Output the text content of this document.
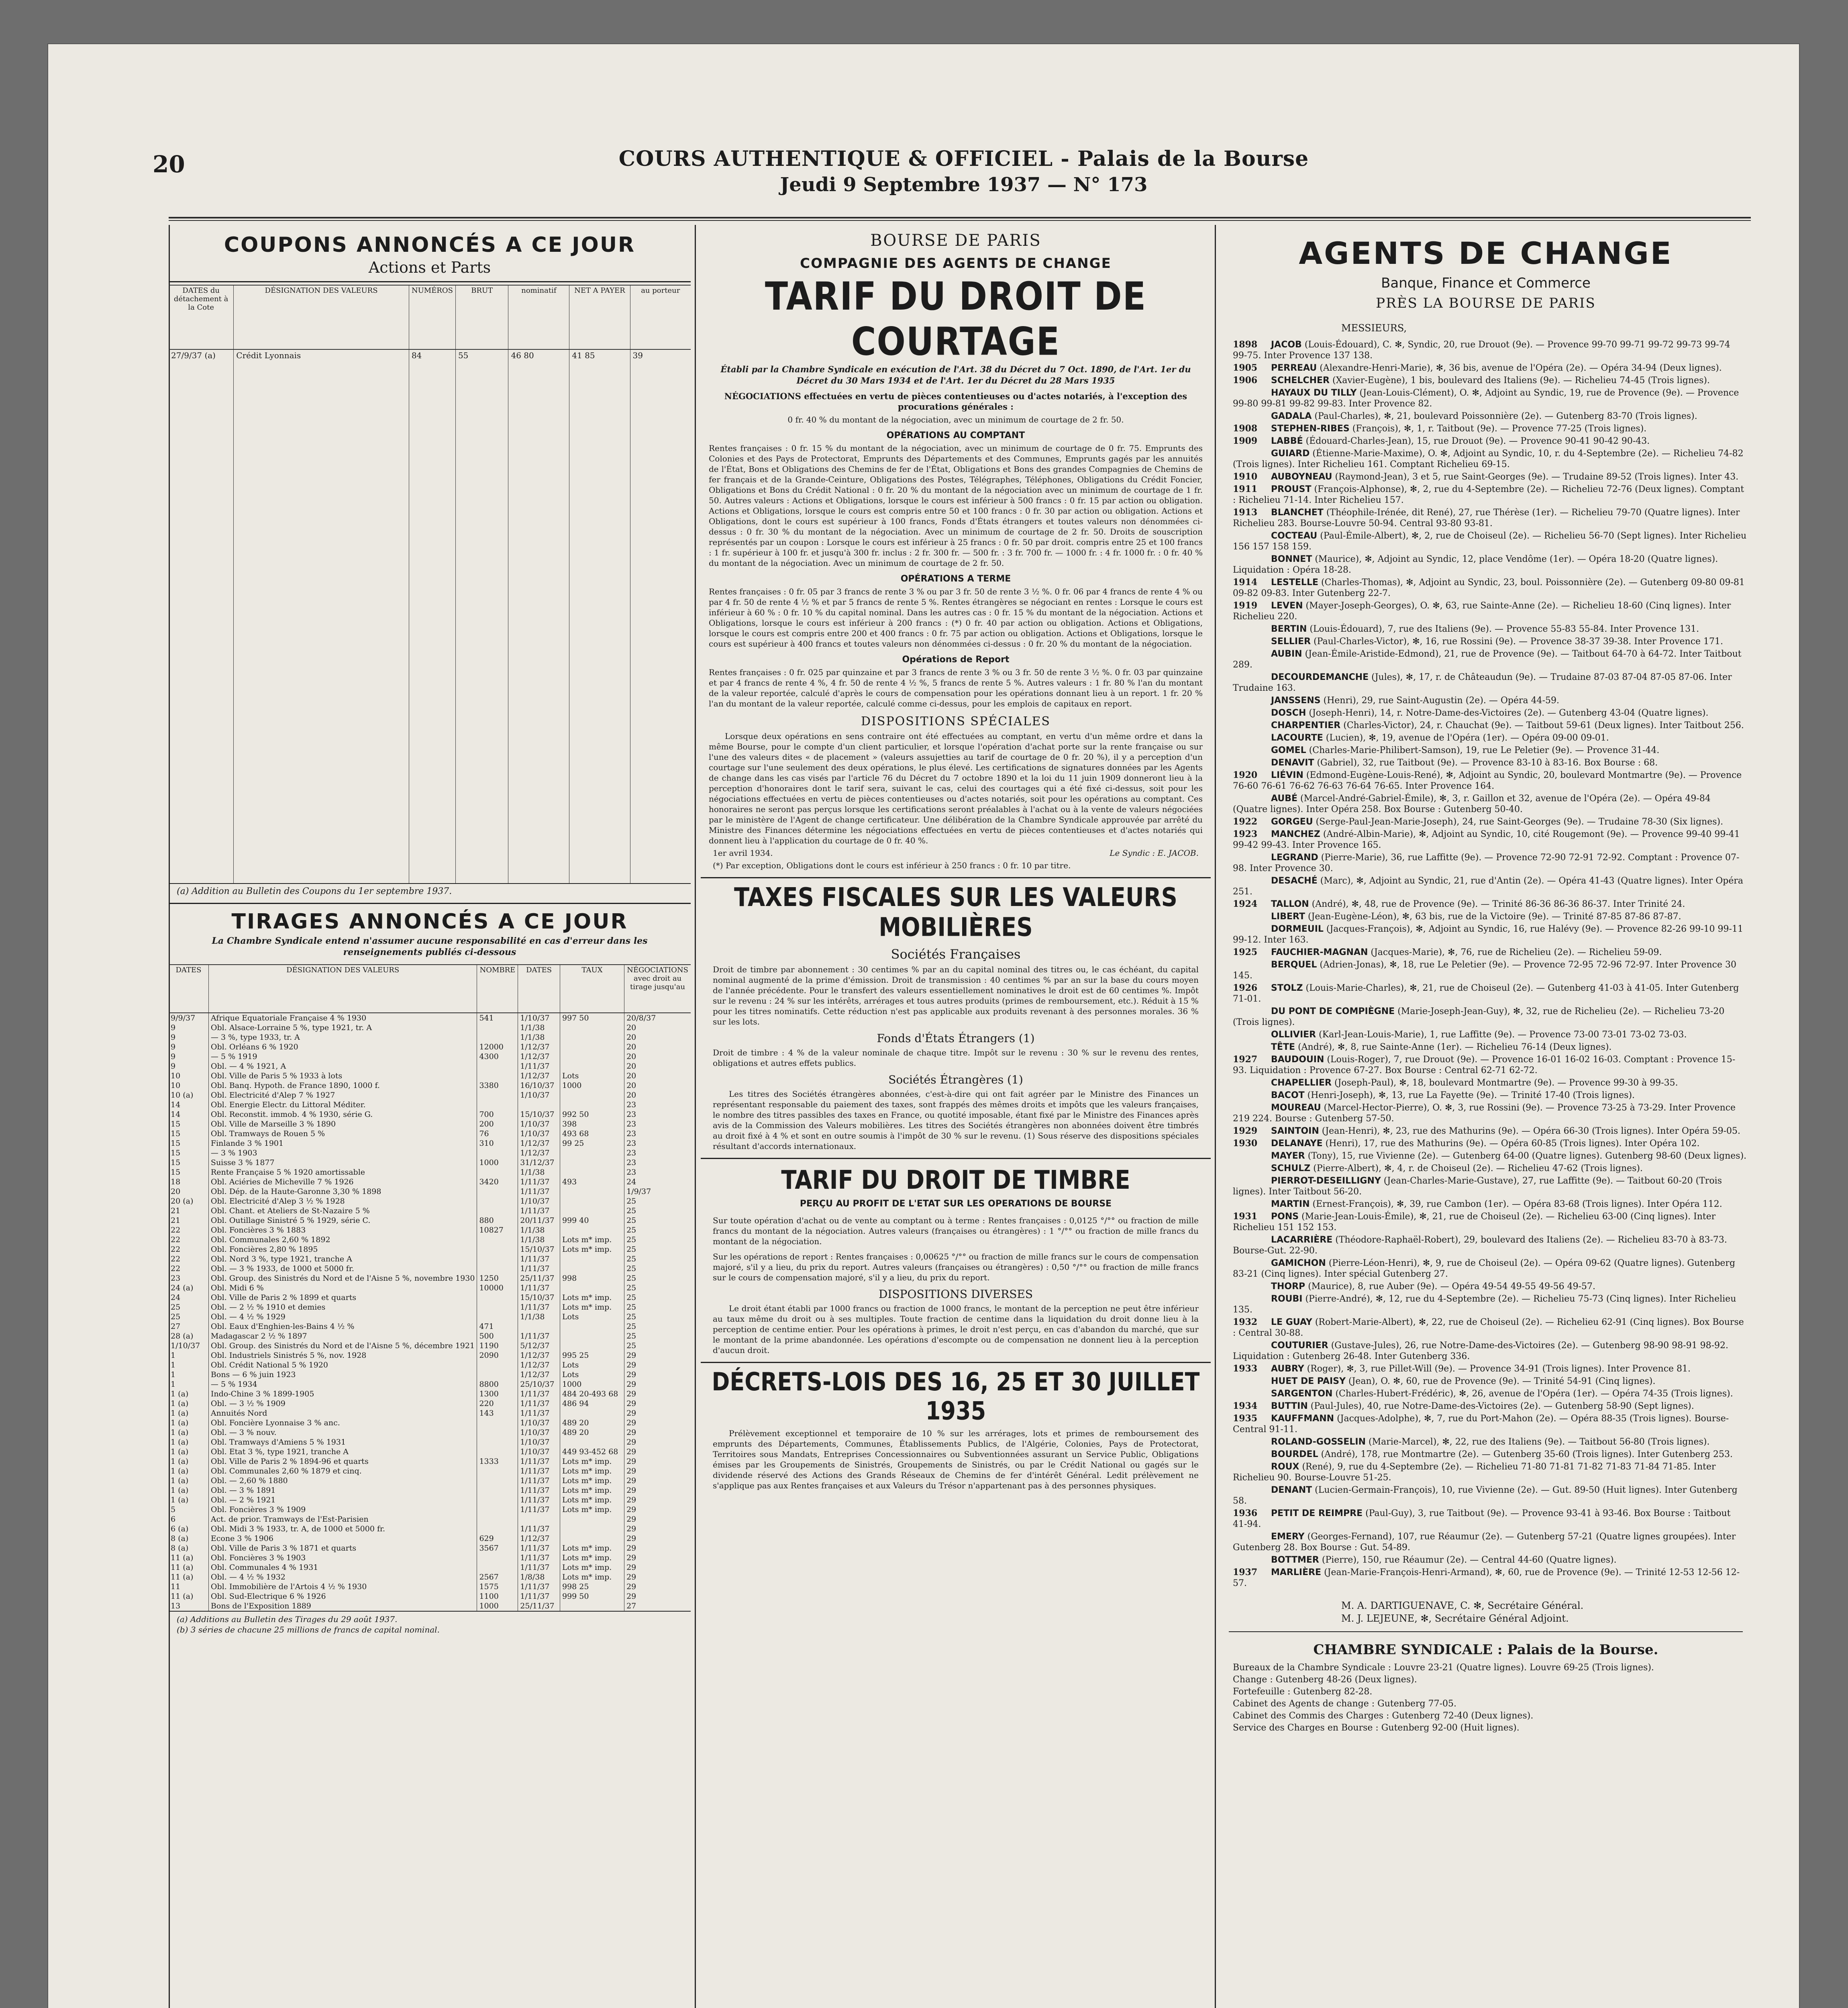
20	COURS AUTHENTIQUE & OFFICIEL - Palais de la Bourse
Jeudi 9 Septembre 1937 — N° 173
COUPONS ANNONCÉS A CE JOUR
Actions et Parts
DATES du détachement à la Cote	DÉSIGNATION DES VALEURS	NUMÉROS	BRUT	nominatif	NET A PAYER	au porteur
27/9/37 (a)	Crédit Lyonnais	84	55	46 80	41 85	39

(a) Addition au Bulletin des Coupons du 1er septembre 1937.
TIRAGES ANNONCÉS A CE JOUR
La Chambre Syndicale entend n'assumer aucune responsabilité en cas d'erreur dans les renseignements publiés ci-dessous
DATES	DÉSIGNATION DES VALEURS	NOMBRE	DATES	TAUX	NÉGOCIATIONS avec droit au tirage jusqu'au
9/9/37	Afrique Equatoriale Française 4 % 1930	541	1/10/37	997 50	20/8/37
9	Obl. Alsace-Lorraine 5 %, type 1921, tr. A		1/1/38		20
9	— 3 %, type 1933, tr. A		1/1/38		20
9	Obl. Orléans 6 % 1920	12000	1/12/37		20
9	— 5 % 1919	4300	1/12/37		20
9	Obl. — 4 % 1921, A		1/11/37		20
10	Obl. Ville de Paris 5 % 1933 à lots		1/12/37	Lots	20
10	Obl. Banq. Hypoth. de France 1890, 1000 f.	3380	16/10/37	1000	20
10 (a)	Obl. Electricité d'Alep 7 % 1927		1/10/37		20
14	Obl. Energie Electr. du Littoral Méditer.				23
14	Obl. Reconstit. immob. 4 % 1930, série G.	700	15/10/37	992 50	23
15	Obl. Ville de Marseille 3 % 1890	200	1/10/37	398	23
15	Obl. Tramways de Rouen 5 %	76	1/10/37	493 68	23
15	Finlande 3 % 1901	310	1/12/37	99 25	23
15	— 3 % 1903		1/12/37		23
15	Suisse 3 % 1877	1000	31/12/37		23
15	Rente Française 5 % 1920 amortissable		1/1/38		23
18	Obl. Aciéries de Micheville 7 % 1926	3420	1/11/37	493	24
20	Obl. Dép. de la Haute-Garonne 3,30 % 1898		1/11/37		1/9/37
20 (a)	Obl. Electricité d'Alep 3 ½ % 1928		1/10/37		25
21	Obl. Chant. et Ateliers de St-Nazaire 5 %		1/11/37		25
21	Obl. Outillage Sinistré 5 % 1929, série C.	880	20/11/37	999 40	25
22	Obl. Foncières 3 % 1883	10827	1/1/38		25
22	Obl. Communales 2,60 % 1892		1/1/38	Lots m* imp.	25
22	Obl. Foncières 2,80 % 1895		15/10/37	Lots m* imp.	25
22	Obl. Nord 3 %, type 1921, tranche A		1/11/37		25
22	Obl. — 3 % 1933, de 1000 et 5000 fr.		1/11/37		25
23	Obl. Group. des Sinistrés du Nord et de l'Aisne 5 %, novembre 1930	1250	25/11/37	998	25
24 (a)	Obl. Midi 6 %	10000	1/11/37		25
24	Obl. Ville de Paris 2 % 1899 et quarts		15/10/37	Lots m* imp.	25
25	Obl. — 2 ½ % 1910 et demies		1/11/37	Lots m* imp.	25
25	Obl. — 4 ½ % 1929		1/1/38	Lots	25
27	Obl. Eaux d'Enghien-les-Bains 4 ½ %	471			25
28 (a)	Madagascar 2 ½ % 1897	500	1/11/37		25
1/10/37	Obl. Group. des Sinistrés du Nord et de l'Aisne 5 %, décembre 1921	1190	5/12/37		25
1	Obl. Industriels Sinistrés 5 %, nov. 1928	2090	1/12/37	995 25	29
1	Obl. Crédit National 5 % 1920		1/12/37	Lots	29
1	Bons — 6 % juin 1923		1/12/37	Lots	29
1	— 5 % 1934	8800	25/10/37	1000	29
1 (a)	Indo-Chine 3 % 1899-1905	1300	1/11/37	484 20-493 68	29
1 (a)	Obl. — 3 ½ % 1909	220	1/11/37	486 94	29
1 (a)	Annuités Nord	143	1/11/37		29
1 (a)	Obl. Foncière Lyonnaise 3 % anc.		1/10/37	489 20	29
1 (a)	Obl. — 3 % nouv.		1/10/37	489 20	29
1 (a)	Obl. Tramways d'Amiens 5 % 1931		1/10/37		29
1 (a)	Obl. Etat 3 %, type 1921, tranche A		1/10/37	449 93-452 68	29
1 (a)	Obl. Ville de Paris 2 % 1894-96 et quarts	1333	1/11/37	Lots m* imp.	29
1 (a)	Obl. Communales 2,60 % 1879 et cinq.		1/11/37	Lots m* imp.	29
1 (a)	Obl. — 2,60 % 1880		1/11/37	Lots m* imp.	29
1 (a)	Obl. — 3 % 1891		1/11/37	Lots m* imp.	29
1 (a)	Obl. — 2 % 1921		1/11/37	Lots m* imp.	29
5	Obl. Foncières 3 % 1909		1/11/37	Lots m* imp.	29
6	Act. de prior. Tramways de l'Est-Parisien				29
6 (a)	Obl. Midi 3 % 1933, tr. A, de 1000 et 5000 fr.		1/11/37		29
8 (a)	Econe 3 % 1906	629	1/12/37		29
8 (a)	Obl. Ville de Paris 3 % 1871 et quarts	3567	1/11/37	Lots m* imp.	29
11 (a)	Obl. Foncières 3 % 1903		1/11/37	Lots m* imp.	29
11 (a)	Obl. Communales 4 % 1931		1/11/37	Lots m* imp.	29
11 (a)	Obl. — 4 ½ % 1932	2567	1/8/38	Lots m* imp.	29
11	Obl. Immobilière de l'Artois 4 ½ % 1930	1575	1/11/37	998 25	29
11 (a)	Obl. Sud-Electrique 6 % 1926	1100	1/11/37	999 50	29
13	Bons de l'Exposition 1889	1000	25/11/37		27
(a) Additions au Bulletin des Tirages du 29 août 1937.
(b) 3 séries de chacune 25 millions de francs de capital nominal.
BOURSE DE PARIS
COMPAGNIE DES AGENTS DE CHANGE
TARIF DU DROIT DE COURTAGE
Établi par la Chambre Syndicale en exécution de l'Art. 38 du Décret du 7 Oct. 1890, de l'Art. 1er du Décret du 30 Mars 1934 et de l'Art. 1er du Décret du 28 Mars 1935
NÉGOCIATIONS effectuées en vertu de pièces contentieuses ou d'actes notariés, à l'exception des procurations générales :
0 fr. 40 % du montant de la négociation, avec un minimum de courtage de 2 fr. 50.
OPÉRATIONS AU COMPTANT

Rentes françaises : 0 fr. 15 % du montant de la négociation, avec un minimum de courtage de 0 fr. 75. Emprunts des Colonies et des Pays de Protectorat, Emprunts des Départements et des Communes, Emprunts gagés par les annuités de l'État, Bons et Obligations des Chemins de fer de l'État, Obligations et Bons des grandes Compagnies de Chemins de fer français et de la Grande-Ceinture, Obligations des Postes, Télégraphes, Téléphones, Obligations du Crédit Foncier, Obligations et Bons du Crédit National : 0 fr. 20 % du montant de la négociation avec un minimum de courtage de 1 fr. 50. Autres valeurs : Actions et Obligations, lorsque le cours est inférieur à 500 francs : 0 fr. 15 par action ou obligation. Actions et Obligations, lorsque le cours est compris entre 50 et 100 francs : 0 fr. 30 par action ou obligation. Actions et Obligations, dont le cours est supérieur à 100 francs, Fonds d'États étrangers et toutes valeurs non dénommées ci-dessus : 0 fr. 30 % du montant de la négociation. Avec un minimum de courtage de 2 fr. 50. Droits de souscription représentés par un coupon : Lorsque le cours est inférieur à 25 francs : 0 fr. 50 par droit. compris entre 25 et 100 francs : 1 fr. supérieur à 100 fr. et jusqu'à 300 fr. inclus : 2 fr. 300 fr. — 500 fr. : 3 fr. 700 fr. — 1000 fr. : 4 fr. 1000 fr. : 0 fr. 40 % du montant de la négociation. Avec un minimum de courtage de 2 fr. 50.

OPÉRATIONS A TERME

Rentes françaises : 0 fr. 05 par 3 francs de rente 3 % ou par 3 fr. 50 de rente 3 ½ %. 0 fr. 06 par 4 francs de rente 4 % ou par 4 fr. 50 de rente 4 ½ % et par 5 francs de rente 5 %. Rentes étrangères se négociant en rentes : Lorsque le cours est inférieur à 60 % : 0 fr. 10 % du capital nominal. Dans les autres cas : 0 fr. 15 % du montant de la négociation. Actions et Obligations, lorsque le cours est inférieur à 200 francs : (*) 0 fr. 40 par action ou obligation. Actions et Obligations, lorsque le cours est compris entre 200 et 400 francs : 0 fr. 75 par action ou obligation. Actions et Obligations, lorsque le cours est supérieur à 400 francs et toutes valeurs non dénommées ci-dessus : 0 fr. 20 % du montant de la négociation.

Opérations de Report

Rentes françaises : 0 fr. 025 par quinzaine et par 3 francs de rente 3 % ou 3 fr. 50 de rente 3 ½ %. 0 fr. 03 par quinzaine et par 4 francs de rente 4 %, 4 fr. 50 de rente 4 ½ %, 5 francs de rente 5 %. Autres valeurs : 1 fr. 80 % l'an du montant de la valeur reportée, calculé d'après le cours de compensation pour les opérations donnant lieu à un report. 1 fr. 20 % l'an du montant de la valeur reportée, calculé comme ci-dessus, pour les emplois de capitaux en report.

DISPOSITIONS SPÉCIALES

Lorsque deux opérations en sens contraire ont été effectuées au comptant, en vertu d'un même ordre et dans la même Bourse, pour le compte d'un client particulier, et lorsque l'opération d'achat porte sur la rente française ou sur l'une des valeurs dites « de placement » (valeurs assujetties au tarif de courtage de 0 fr. 20 %), il y a perception d'un courtage sur l'une seulement des deux opérations, le plus élevé. Les certifications de signatures données par les Agents de change dans les cas visés par l'article 76 du Décret du 7 octobre 1890 et la loi du 11 juin 1909 donneront lieu à la perception d'honoraires dont le tarif sera, suivant le cas, celui des courtages qui a été fixé ci-dessus, soit pour les négociations effectuées en vertu de pièces contentieuses ou d'actes notariés, soit pour les opérations au comptant. Ces honoraires ne seront pas perçus lorsque les certifications seront préalables à l'achat ou à la vente de valeurs négociées par le ministère de l'Agent de change certificateur. Une délibération de la Chambre Syndicale approuvée par arrêté du Ministre des Finances détermine les négociations effectuées en vertu de pièces contentieuses et d'actes notariés qui donnent lieu à l'application du courtage de 0 fr. 40 %.

1er avril 1934.	Le Syndic : E. JACOB.
(*) Par exception, Obligations dont le cours est inférieur à 250 francs : 0 fr. 10 par titre.
TAXES FISCALES SUR LES VALEURS MOBILIÈRES
Sociétés Françaises

Droit de timbre par abonnement : 30 centimes % par an du capital nominal des titres ou, le cas échéant, du capital nominal augmenté de la prime d'émission. Droit de transmission : 40 centimes % par an sur la base du cours moyen de l'année précédente. Pour le transfert des valeurs essentiellement nominatives le droit est de 60 centimes %. Impôt sur le revenu : 24 % sur les intérêts, arrérages et tous autres produits (primes de remboursement, etc.). Réduit à 15 % pour les titres nominatifs. Cette réduction n'est pas applicable aux produits revenant à des personnes morales. 36 % sur les lots.

Fonds d'États Étrangers (1)

Droit de timbre : 4 % de la valeur nominale de chaque titre. Impôt sur le revenu : 30 % sur le revenu des rentes, obligations et autres effets publics.

Sociétés Étrangères (1)

Les titres des Sociétés étrangères abonnées, c'est-à-dire qui ont fait agréer par le Ministre des Finances un représentant responsable du paiement des taxes, sont frappés des mêmes droits et impôts que les valeurs françaises, le nombre des titres passibles des taxes en France, ou quotité imposable, étant fixé par le Ministre des Finances après avis de la Commission des Valeurs mobilières. Les titres des Sociétés étrangères non abonnées doivent être timbrés au droit fixé à 4 % et sont en outre soumis à l'impôt de 30 % sur le revenu. (1) Sous réserve des dispositions spéciales résultant d'accords internationaux.

TARIF DU DROIT DE TIMBRE
PERÇU AU PROFIT DE L'ETAT SUR LES OPERATIONS DE BOURSE

Sur toute opération d'achat ou de vente au comptant ou à terme : Rentes françaises : 0,0125 °/°° ou fraction de mille francs du montant de la négociation. Autres valeurs (françaises ou étrangères) : 1 °/°° ou fraction de mille francs du montant de la négociation.

Sur les opérations de report : Rentes françaises : 0,00625 °/°° ou fraction de mille francs sur le cours de compensation majoré, s'il y a lieu, du prix du report. Autres valeurs (françaises ou étrangères) : 0,50 °/°° ou fraction de mille francs sur le cours de compensation majoré, s'il y a lieu, du prix du report.

DISPOSITIONS DIVERSES

Le droit étant établi par 1000 francs ou fraction de 1000 francs, le montant de la perception ne peut être inférieur au taux même du droit ou à ses multiples. Toute fraction de centime dans la liquidation du droit donne lieu à la perception de centime entier. Pour les opérations à primes, le droit n'est perçu, en cas d'abandon du marché, que sur le montant de la prime abandonnée. Les opérations d'escompte ou de compensation ne donnent lieu à la perception d'aucun droit.

DÉCRETS-LOIS DES 16, 25 ET 30 JUILLET 1935

Prélèvement exceptionnel et temporaire de 10 % sur les arrérages, lots et primes de remboursement des emprunts des Départements, Communes, Établissements Publics, de l'Algérie, Colonies, Pays de Protectorat, Territoires sous Mandats, Entreprises Concessionnaires ou Subventionnées assurant un Service Public, Obligations émises par les Groupements de Sinistrés, Groupements de Sinistrés, ou par le Crédit National ou gagés sur le dividende réservé des Actions des Grands Réseaux de Chemins de fer d'intérêt Général. Ledit prélèvement ne s'applique pas aux Rentes françaises et aux Valeurs du Trésor n'appartenant pas à des personnes physiques.

AGENTS DE CHANGE
Banque, Finance et Commerce
PRÈS LA BOURSE DE PARIS
MESSIEURS,

1898 JACOB (Louis-Édouard), C. ✻, Syndic, 20, rue Drouot (9e). — Provence 99-70 99-71 99-72 99-73 99-74 99-75. Inter Provence 137 138.

1905 PERREAU (Alexandre-Henri-Marie), ✻, 36 bis, avenue de l'Opéra (2e). — Opéra 34-94 (Deux lignes).

1906 SCHELCHER (Xavier-Eugène), 1 bis, boulevard des Italiens (9e). — Richelieu 74-45 (Trois lignes).

HAYAUX DU TILLY (Jean-Louis-Clément), O. ✻, Adjoint au Syndic, 19, rue de Provence (9e). — Provence 99-80 99-81 99-82 99-83. Inter Provence 82.

GADALA (Paul-Charles), ✻, 21, boulevard Poissonnière (2e). — Gutenberg 83-70 (Trois lignes).

1908 STEPHEN-RIBES (François), ✻, 1, r. Taitbout (9e). — Provence 77-25 (Trois lignes).

1909 LABBÉ (Édouard-Charles-Jean), 15, rue Drouot (9e). — Provence 90-41 90-42 90-43.

GUIARD (Étienne-Marie-Maxime), O. ✻, Adjoint au Syndic, 10, r. du 4-Septembre (2e). — Richelieu 74-82 (Trois lignes). Inter Richelieu 161. Comptant Richelieu 69-15.

1910 AUBOYNEAU (Raymond-Jean), 3 et 5, rue Saint-Georges (9e). — Trudaine 89-52 (Trois lignes). Inter 43.

1911 PROUST (François-Alphonse), ✻, 2, rue du 4-Septembre (2e). — Richelieu 72-76 (Deux lignes). Comptant : Richelieu 71-14. Inter Richelieu 157.

1913 BLANCHET (Théophile-Irénée, dit René), 27, rue Thérèse (1er). — Richelieu 79-70 (Quatre lignes). Inter Richelieu 283. Bourse-Louvre 50-94. Central 93-80 93-81.

COCTEAU (Paul-Émile-Albert), ✻, 2, rue de Choiseul (2e). — Richelieu 56-70 (Sept lignes). Inter Richelieu 156 157 158 159.

BONNET (Maurice), ✻, Adjoint au Syndic, 12, place Vendôme (1er). — Opéra 18-20 (Quatre lignes). Liquidation : Opéra 18-28.

1914 LESTELLE (Charles-Thomas), ✻, Adjoint au Syndic, 23, boul. Poissonnière (2e). — Gutenberg 09-80 09-81 09-82 09-83. Inter Gutenberg 22-7.

1919 LEVEN (Mayer-Joseph-Georges), O. ✻, 63, rue Sainte-Anne (2e). — Richelieu 18-60 (Cinq lignes). Inter Richelieu 220.

BERTIN (Louis-Édouard), 7, rue des Italiens (9e). — Provence 55-83 55-84. Inter Provence 131.

SELLIER (Paul-Charles-Victor), ✻, 16, rue Rossini (9e). — Provence 38-37 39-38. Inter Provence 171.

AUBIN (Jean-Émile-Aristide-Edmond), 21, rue de Provence (9e). — Taitbout 64-70 à 64-72. Inter Taitbout 289.

DECOURDEMANCHE (Jules), ✻, 17, r. de Châteaudun (9e). — Trudaine 87-03 87-04 87-05 87-06. Inter Trudaine 163.

JANSSENS (Henri), 29, rue Saint-Augustin (2e). — Opéra 44-59.

DOSCH (Joseph-Henri), 14, r. Notre-Dame-des-Victoires (2e). — Gutenberg 43-04 (Quatre lignes).

CHARPENTIER (Charles-Victor), 24, r. Chauchat (9e). — Taitbout 59-61 (Deux lignes). Inter Taitbout 256.

LACOURTE (Lucien), ✻, 19, avenue de l'Opéra (1er). — Opéra 09-00 09-01.

GOMEL (Charles-Marie-Philibert-Samson), 19, rue Le Peletier (9e). — Provence 31-44.

DENAVIT (Gabriel), 32, rue Taitbout (9e). — Provence 83-10 à 83-16. Box Bourse : 68.

1920 LIÉVIN (Edmond-Eugène-Louis-René), ✻, Adjoint au Syndic, 20, boulevard Montmartre (9e). — Provence 76-60 76-61 76-62 76-63 76-64 76-65. Inter Provence 164.

AUBÉ (Marcel-André-Gabriel-Émile), ✻, 3, r. Gaillon et 32, avenue de l'Opéra (2e). — Opéra 49-84 (Quatre lignes). Inter Opéra 258. Box Bourse : Gutenberg 50-40.

1922 GORGEU (Serge-Paul-Jean-Marie-Joseph), 24, rue Saint-Georges (9e). — Trudaine 78-30 (Six lignes).

1923 MANCHEZ (André-Albin-Marie), ✻, Adjoint au Syndic, 10, cité Rougemont (9e). — Provence 99-40 99-41 99-42 99-43. Inter Provence 165.

LEGRAND (Pierre-Marie), 36, rue Laffitte (9e). — Provence 72-90 72-91 72-92. Comptant : Provence 07-98. Inter Provence 30.

DESACHÉ (Marc), ✻, Adjoint au Syndic, 21, rue d'Antin (2e). — Opéra 41-43 (Quatre lignes). Inter Opéra 251.

1924 TALLON (André), ✻, 48, rue de Provence (9e). — Trinité 86-36 86-36 86-37. Inter Trinité 24.

LIBERT (Jean-Eugène-Léon), ✻, 63 bis, rue de la Victoire (9e). — Trinité 87-85 87-86 87-87.

DORMEUIL (Jacques-François), ✻, Adjoint au Syndic, 16, rue Halévy (9e). — Provence 82-26 99-10 99-11 99-12. Inter 163.

1925 FAUCHIER-MAGNAN (Jacques-Marie), ✻, 76, rue de Richelieu (2e). — Richelieu 59-09.

BERQUEL (Adrien-Jonas), ✻, 18, rue Le Peletier (9e). — Provence 72-95 72-96 72-97. Inter Provence 30 145.

1926 STOLZ (Louis-Marie-Charles), ✻, 21, rue de Choiseul (2e). — Gutenberg 41-03 à 41-05. Inter Gutenberg 71-01.

DU PONT DE COMPIÈGNE (Marie-Joseph-Jean-Guy), ✻, 32, rue de Richelieu (2e). — Richelieu 73-20 (Trois lignes).

OLLIVIER (Karl-Jean-Louis-Marie), 1, rue Laffitte (9e). — Provence 73-00 73-01 73-02 73-03.

TÊTE (André), ✻, 8, rue Sainte-Anne (1er). — Richelieu 76-14 (Deux lignes).

1927 BAUDOUIN (Louis-Roger), 7, rue Drouot (9e). — Provence 16-01 16-02 16-03. Comptant : Provence 15-93. Liquidation : Provence 67-27. Box Bourse : Central 62-71 62-72.

CHAPELLIER (Joseph-Paul), ✻, 18, boulevard Montmartre (9e). — Provence 99-30 à 99-35.

BACOT (Henri-Joseph), ✻, 13, rue La Fayette (9e). — Trinité 17-40 (Trois lignes).

MOUREAU (Marcel-Hector-Pierre), O. ✻, 3, rue Rossini (9e). — Provence 73-25 à 73-29. Inter Provence 219 224. Bourse : Gutenberg 57-50.

1929 SAINTOIN (Jean-Henri), ✻, 23, rue des Mathurins (9e). — Opéra 66-30 (Trois lignes). Inter Opéra 59-05.

1930 DELANAYE (Henri), 17, rue des Mathurins (9e). — Opéra 60-85 (Trois lignes). Inter Opéra 102.

MAYER (Tony), 15, rue Vivienne (2e). — Gutenberg 64-00 (Quatre lignes). Gutenberg 98-60 (Deux lignes).

SCHULZ (Pierre-Albert), ✻, 4, r. de Choiseul (2e). — Richelieu 47-62 (Trois lignes).

PIERROT-DESEILLIGNY (Jean-Charles-Marie-Gustave), 27, rue Laffitte (9e). — Taitbout 60-20 (Trois lignes). Inter Taitbout 56-20.

MARTIN (Ernest-François), ✻, 39, rue Cambon (1er). — Opéra 83-68 (Trois lignes). Inter Opéra 112.

1931 PONS (Marie-Jean-Louis-Émile), ✻, 21, rue de Choiseul (2e). — Richelieu 63-00 (Cinq lignes). Inter Richelieu 151 152 153.

LACARRIÈRE (Théodore-Raphaël-Robert), 29, boulevard des Italiens (2e). — Richelieu 83-70 à 83-73. Bourse-Gut. 22-90.

GAMICHON (Pierre-Léon-Henri), ✻, 9, rue de Choiseul (2e). — Opéra 09-62 (Quatre lignes). Gutenberg 83-21 (Cinq lignes). Inter spécial Gutenberg 27.

THORP (Maurice), 8, rue Auber (9e). — Opéra 49-54 49-55 49-56 49-57.

ROUBI (Pierre-André), ✻, 12, rue du 4-Septembre (2e). — Richelieu 75-73 (Cinq lignes). Inter Richelieu 135.

1932 LE GUAY (Robert-Marie-Albert), ✻, 22, rue de Choiseul (2e). — Richelieu 62-91 (Cinq lignes). Box Bourse : Central 30-88.

COUTURIER (Gustave-Jules), 26, rue Notre-Dame-des-Victoires (2e). — Gutenberg 98-90 98-91 98-92. Liquidation : Gutenberg 26-48. Inter Gutenberg 336.

1933 AUBRY (Roger), ✻, 3, rue Pillet-Will (9e). — Provence 34-91 (Trois lignes). Inter Provence 81.

HUET DE PAISY (Jean), O. ✻, 60, rue de Provence (9e). — Trinité 54-91 (Cinq lignes).

SARGENTON (Charles-Hubert-Frédéric), ✻, 26, avenue de l'Opéra (1er). — Opéra 74-35 (Trois lignes).

1934 BUTTIN (Paul-Jules), 40, rue Notre-Dame-des-Victoires (2e). — Gutenberg 58-90 (Sept lignes).

1935 KAUFFMANN (Jacques-Adolphe), ✻, 7, rue du Port-Mahon (2e). — Opéra 88-35 (Trois lignes). Bourse-Central 91-11.

ROLAND-GOSSELIN (Marie-Marcel), ✻, 22, rue des Italiens (9e). — Taitbout 56-80 (Trois lignes).

BOURDEL (André), 178, rue Montmartre (2e). — Gutenberg 35-60 (Trois lignes). Inter Gutenberg 253.

ROUX (René), 9, rue du 4-Septembre (2e). — Richelieu 71-80 71-81 71-82 71-83 71-84 71-85. Inter Richelieu 90. Bourse-Louvre 51-25.

DENANT (Lucien-Germain-François), 10, rue Vivienne (2e). — Gut. 89-50 (Huit lignes). Inter Gutenberg 58.

1936 PETIT DE REIMPRE (Paul-Guy), 3, rue Taitbout (9e). — Provence 93-41 à 93-46. Box Bourse : Taitbout 41-94.

EMERY (Georges-Fernand), 107, rue Réaumur (2e). — Gutenberg 57-21 (Quatre lignes groupées). Inter Gutenberg 28. Box Bourse : Gut. 54-89.

BOTTMER (Pierre), 150, rue Réaumur (2e). — Central 44-60 (Quatre lignes).

1937 MARLIÈRE (Jean-Marie-François-Henri-Armand), ✻, 60, rue de Provence (9e). — Trinité 12-53 12-56 12-57.

M. A. DARTIGUENAVE, C. ✻, Secrétaire Général.
M. J. LEJEUNE, ✻, Secrétaire Général Adjoint.
CHAMBRE SYNDICALE : Palais de la Bourse.
Bureaux de la Chambre Syndicale : Louvre 23-21 (Quatre lignes). Louvre 69-25 (Trois lignes).
Change : Gutenberg 48-26 (Deux lignes).
Fortefeuille : Gutenberg 82-28.
Cabinet des Agents de change : Gutenberg 77-05.
Cabinet des Commis des Charges : Gutenberg 72-40 (Deux lignes).
Service des Charges en Bourse : Gutenberg 92-00 (Huit lignes).
